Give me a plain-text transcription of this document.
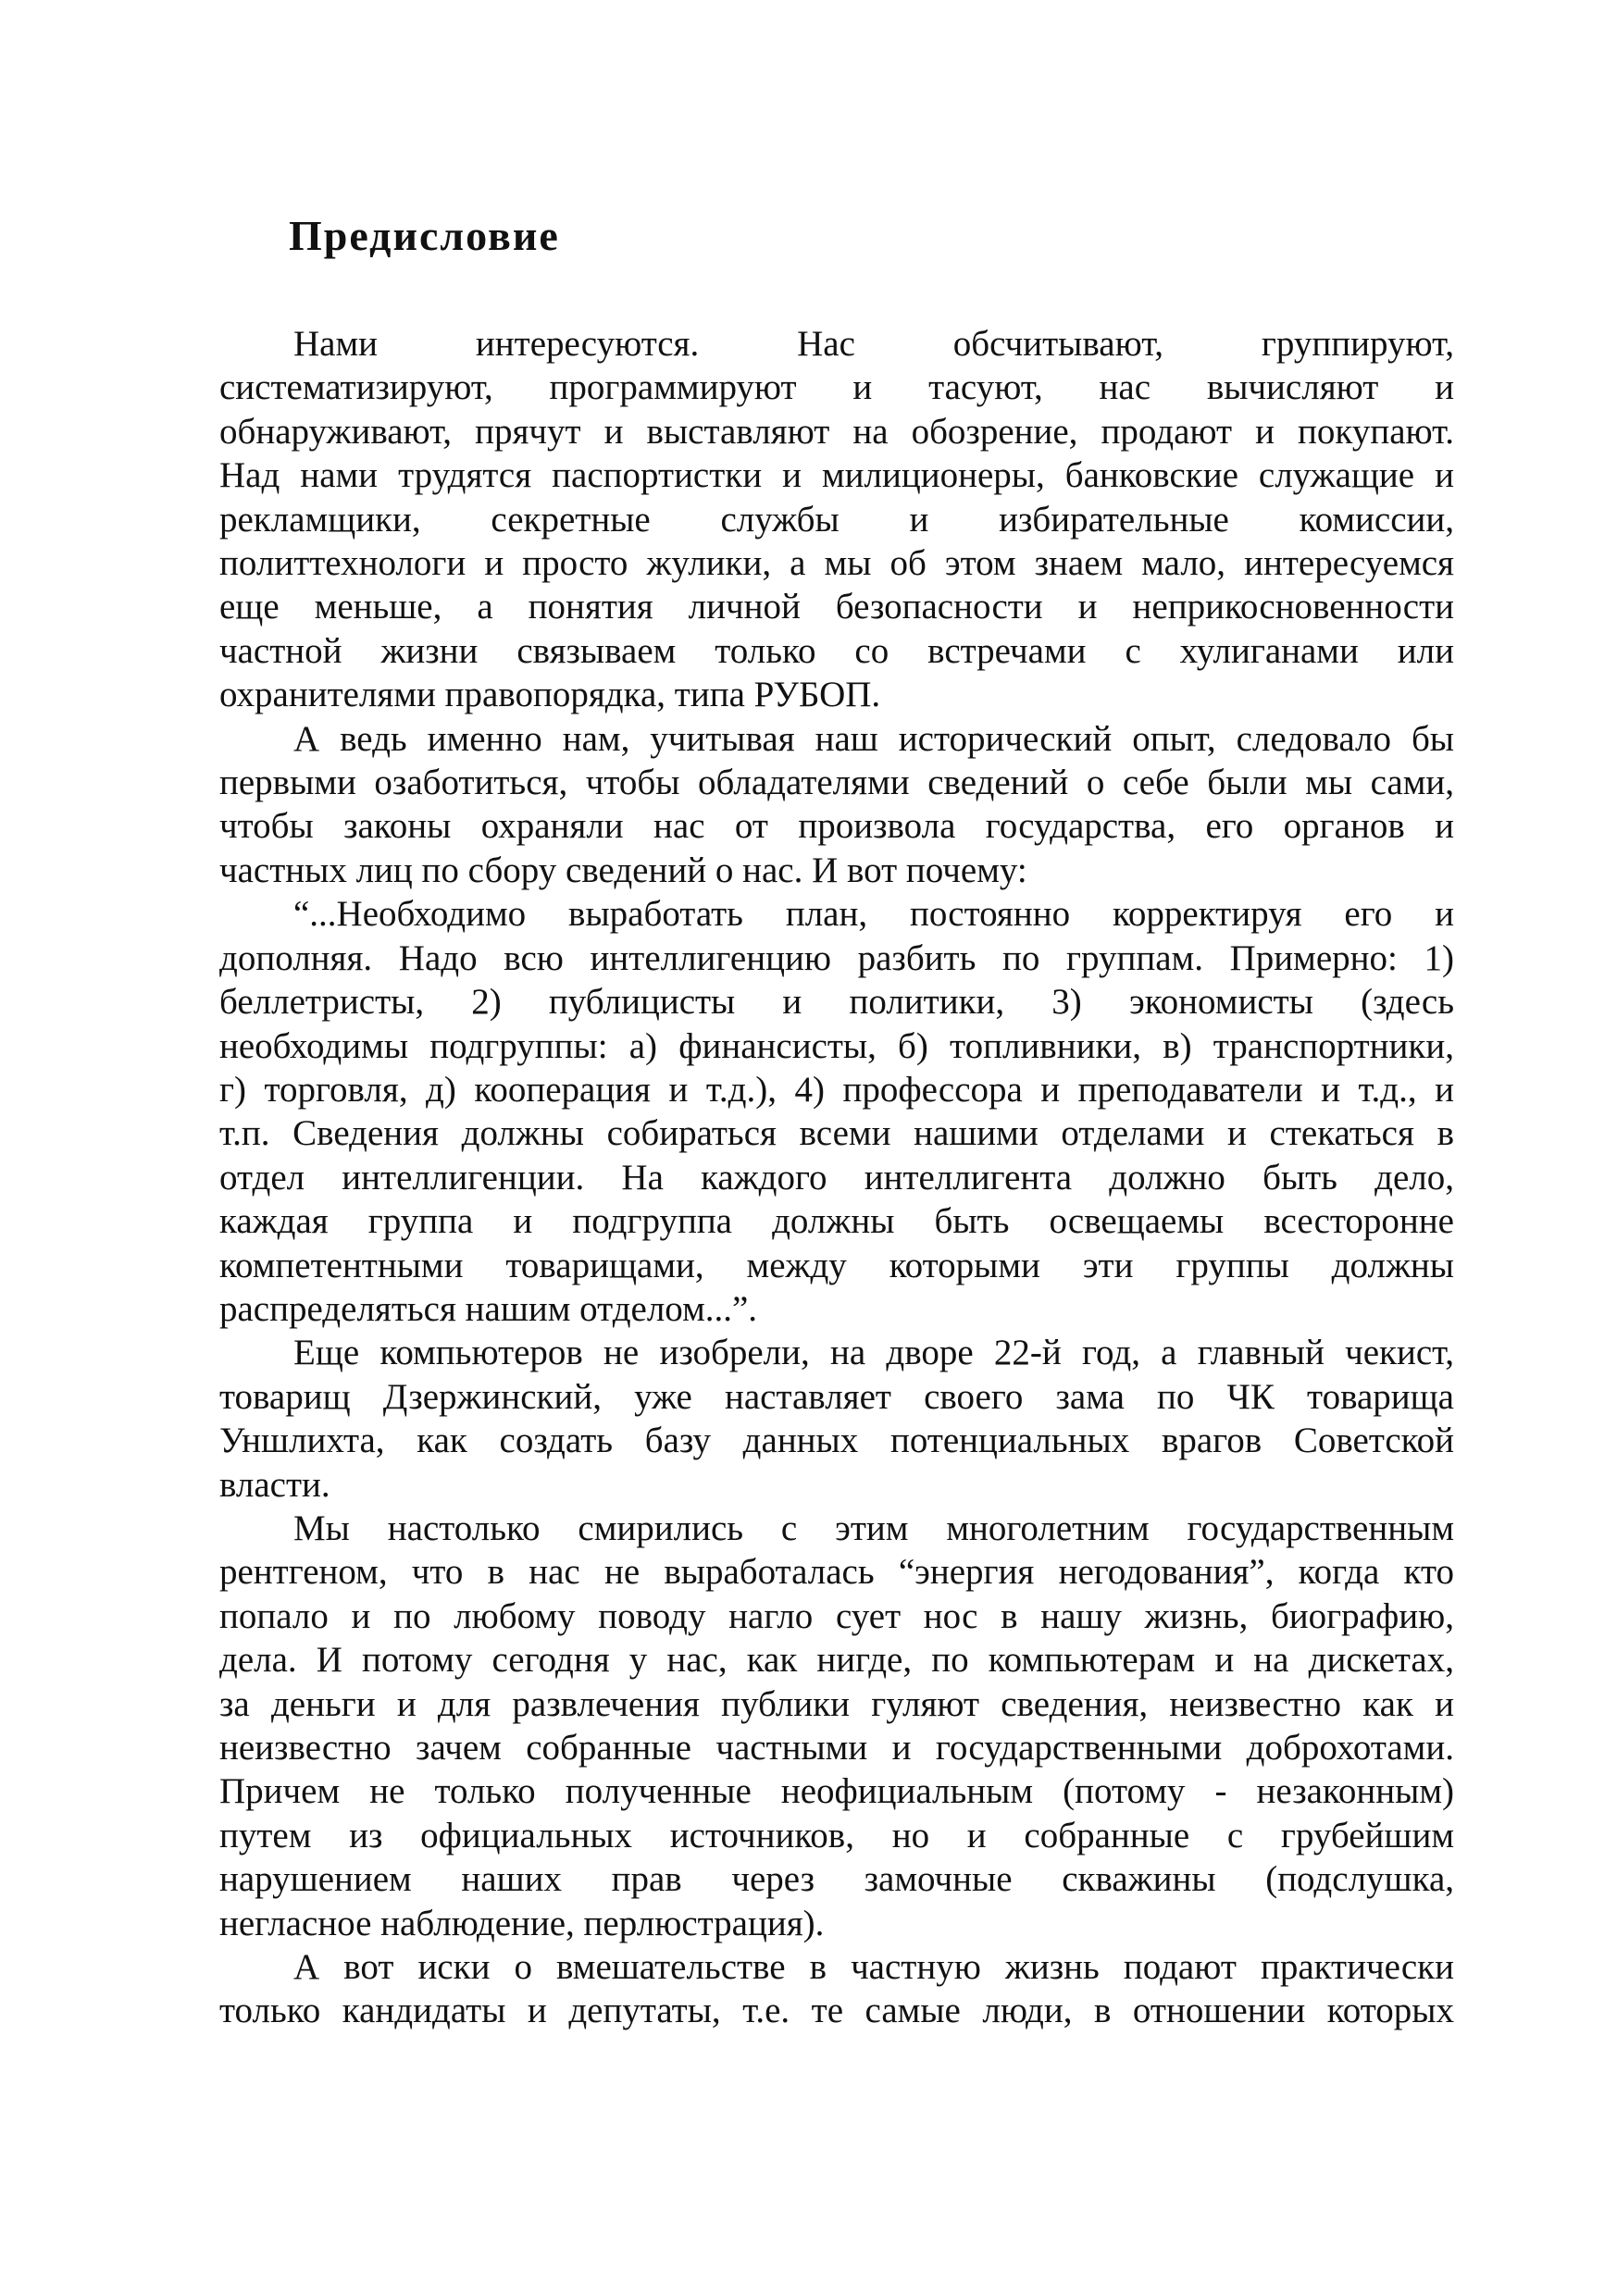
Предисловие

Нами интересуются. Нас обсчитывают, группируют,
систематизируют, программируют и тасуют, нас вычисляют и
обнаруживают, прячут и выставляют на обозрение, продают и покупают.
Над нами трудятся паспортистки и милиционеры, банковские служащие и
рекламщики, секретные службы и избирательные комиссии,
политтехнологи и просто жулики, а мы об этом знаем мало, интересуемся
еще меньше, а понятия личной безопасности и неприкосновенности
частной жизни связываем только со встречами с хулиганами или
охранителями правопорядка, типа РУБОП.

А ведь именно нам, учитывая наш исторический опыт, следовало бы
первыми озаботиться, чтобы обладателями сведений о себе были мы сами,
чтобы законы охраняли нас от произвола государства, его органов и
частных лиц по сбору сведений о нас. И вот почему:

“...Необходимо выработать план, постоянно корректируя его и
дополняя. Надо всю интеллигенцию разбить по группам. Примерно: 1)
беллетристы, 2) публицисты и политики, 3) экономисты (здесь
необходимы подгруппы: а) финансисты, б) топливники, в) транспортники,
г) торговля, д) кооперация и т.д.), 4) профессора и преподаватели и т.д., и
т.п. Сведения должны собираться всеми нашими отделами и стекаться в
отдел интеллигенции. На каждого интеллигента должно быть дело,
каждая группа и подгруппа должны быть освещаемы всесторонне
компетентными товарищами, между которыми эти группы должны
распределяться нашим отделом...”.

Еще компьютеров не изобрели, на дворе 22-й год, а главный чекист,
товарищ Дзержинский, уже наставляет своего зама по ЧК товарища
Уншлихта, как создать базу данных потенциальных врагов Советской
власти.

Мы настолько смирились с этим многолетним государственным
рентгеном, что в нас не выработалась “энергия негодования”, когда кто
попало и по любому поводу нагло сует нос в нашу жизнь, биографию,
дела. И потому сегодня у нас, как нигде, по компьютерам и на дискетах,
за деньги и для развлечения публики гуляют сведения, неизвестно как и
неизвестно зачем собранные частными и государственными доброхотами.
Причем не только полученные неофициальным (потому - незаконным)
путем из официальных источников, но и собранные с грубейшим
нарушением наших прав через замочные скважины (подслушка,
негласное наблюдение, перлюстрация).

А вот иски о вмешательстве в частную жизнь подают практически
только кандидаты и депутаты, т.е. те самые люди, в отношении которых
